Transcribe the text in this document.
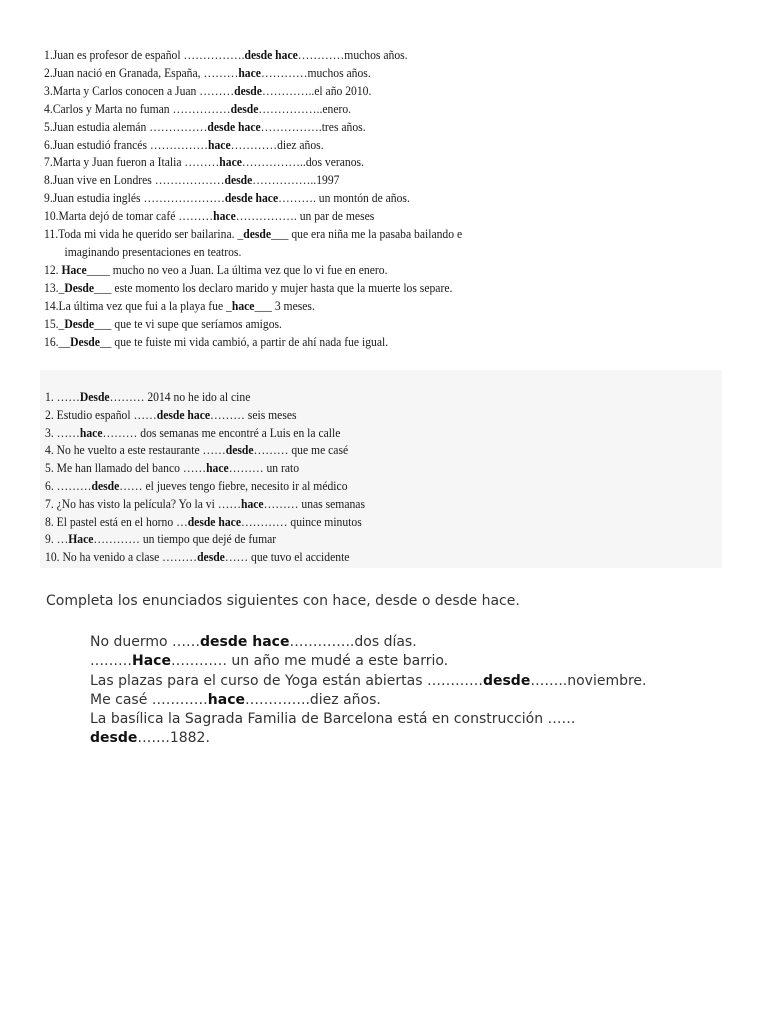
1.Juan es profesor de español …………….desde hace…………muchos años.
2.Juan nació en Granada, España, ………hace…………muchos años.
3.Marta y Carlos conocen a Juan ………desde…………..el año 2010.
4.Carlos y Marta no fuman ……………desde……………..enero.
5.Juan estudia alemán ……………desde hace…………….tres años.
6.Juan estudió francés ……………hace…………diez años.
7.Marta y Juan fueron a Italia ………hace……………..dos veranos.
8.Juan vive en Londres ………………desde……………..1997
9.Juan estudia inglés …………………desde hace………. un montón de años.
10.Marta dejó de tomar café ………hace……………. un par de meses
11.Toda mi vida he querido ser bailarina. _desde___ que era niña me la pasaba bailando e
imaginando presentaciones en teatros.
12. Hace____ mucho no veo a Juan. La última vez que lo vi fue en enero.
13._Desde___ este momento los declaro marido y mujer hasta que la muerte los separe.
14.La última vez que fui a la playa fue _hace___ 3 meses.
15._Desde___ que te vi supe que seríamos amigos.
16.__Desde__ que te fuiste mi vida cambió, a partir de ahí nada fue igual.
1. ……Desde……… 2014 no he ido al cine
2. Estudio español ……desde hace……… seis meses
3. ……hace……… dos semanas me encontré a Luis en la calle
4. No he vuelto a este restaurante ……desde……… que me casé
5. Me han llamado del banco ……hace……… un rato
6. ………desde…… el jueves tengo fiebre, necesito ir al médico
7. ¿No has visto la película? Yo la vi ……hace……… unas semanas
8. El pastel está en el horno …desde hace………… quince minutos
9. …Hace………… un tiempo que dejé de fumar
10. No ha venido a clase ………desde…… que tuvo el accidente
Completa los enunciados siguientes con hace, desde o desde hace.
No duermo ……desde hace…………..dos días.
………Hace………… un año me mudé a este barrio.
Las plazas para el curso de Yoga están abiertas …………desde……..noviembre.
Me casé …………hace…………..diez años.
La basílica la Sagrada Familia de Barcelona está en construcción ……
desde…….1882.
